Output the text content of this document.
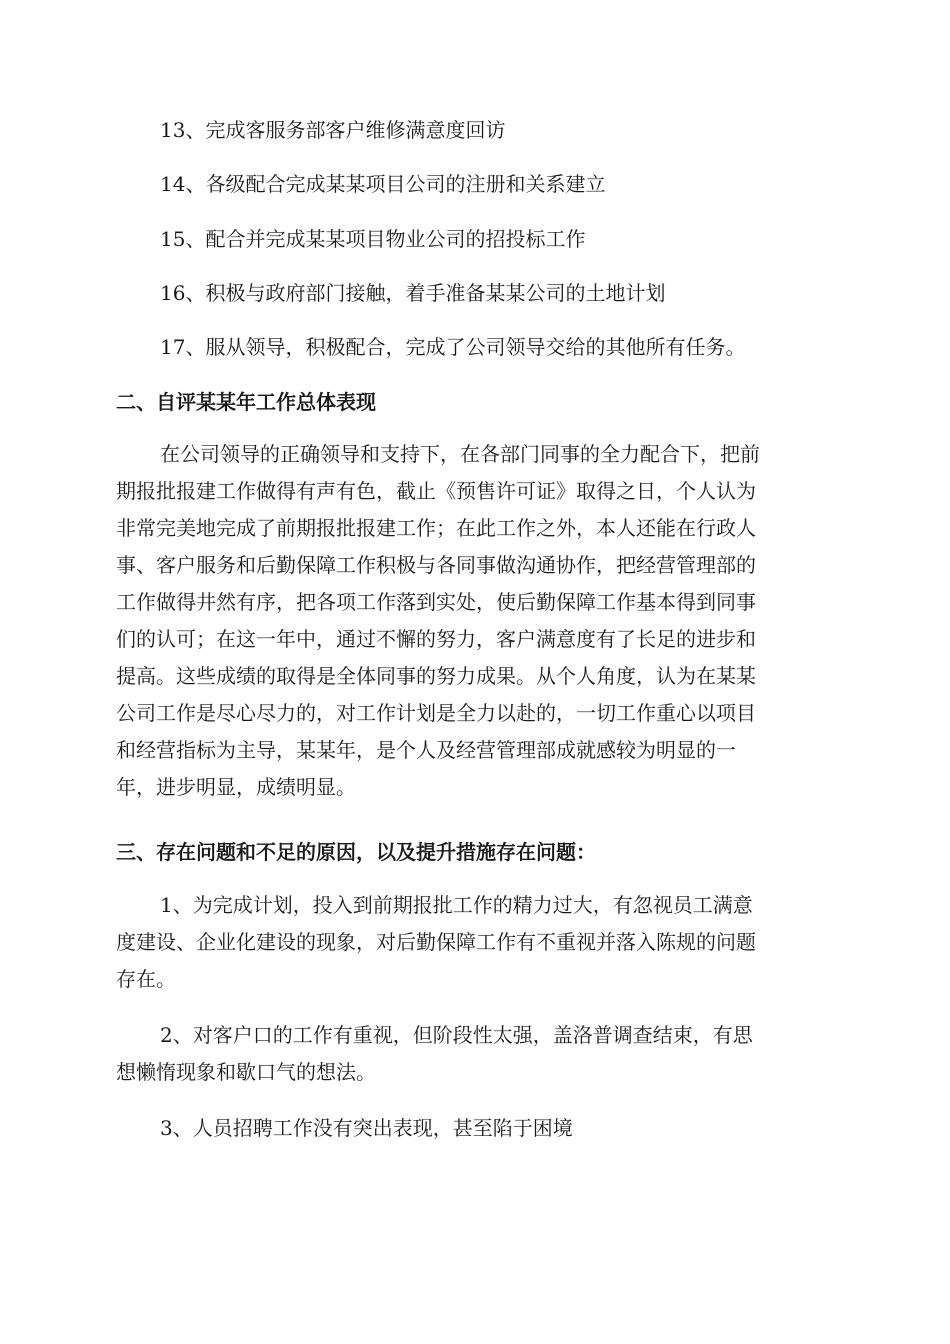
13、完成客服务部客户维修满意度回访
14、各级配合完成某某项目公司的注册和关系建立
15、配合并完成某某项目物业公司的招投标工作
16、积极与政府部门接触，着手准备某某公司的土地计划
17、服从领导，积极配合，完成了公司领导交给的其他所有任务。
二、自评某某年工作总体表现
在公司领导的正确领导和支持下，在各部门同事的全力配合下，把前
期报批报建工作做得有声有色，截止《预售许可证》取得之日，个人认为
非常完美地完成了前期报批报建工作；在此工作之外，本人还能在行政人
事、客户服务和后勤保障工作积极与各同事做沟通协作，把经营管理部的
工作做得井然有序，把各项工作落到实处，使后勤保障工作基本得到同事
们的认可；在这一年中，通过不懈的努力，客户满意度有了长足的进步和
提高。这些成绩的取得是全体同事的努力成果。从个人角度，认为在某某
公司工作是尽心尽力的，对工作计划是全力以赴的，一切工作重心以项目
和经营指标为主导，某某年，是个人及经营管理部成就感较为明显的一
年，进步明显，成绩明显。
三、存在问题和不足的原因，以及提升措施存在问题：
1、为完成计划，投入到前期报批工作的精力过大，有忽视员工满意
度建设、企业化建设的现象，对后勤保障工作有不重视并落入陈规的问题
存在。
2、对客户口的工作有重视，但阶段性太强，盖洛普调查结束，有思
想懒惰现象和歇口气的想法。
3、人员招聘工作没有突出表现，甚至陷于困境
